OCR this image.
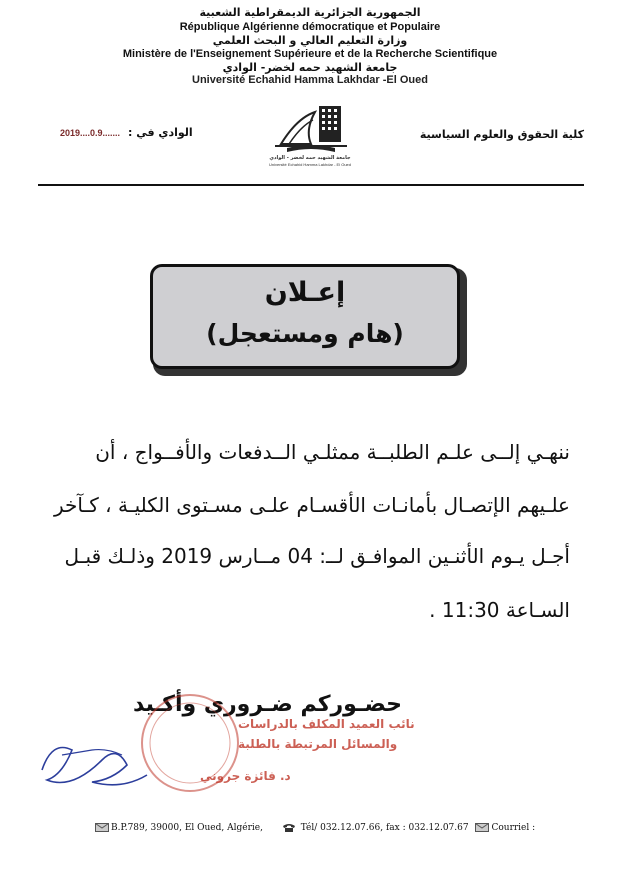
الجمهورية الجزائرية الديمقراطية الشعبية
République Algérienne démocratique et Populaire
وزارة التعليم العالي و البحث العلمي
Ministère de l'Enseignement Supérieure et de la Recherche Scientifique
جامعة الشهيد حمه لخضر- الوادي
Université Echahid Hamma Lakhdar -El Oued
كلية الحقوق والعلوم السياسية
الوادي في :
2019....0.9.......
جامعة الشهيد حمه لخضر - الوادي
Université Echahid Hamma Lakhdar - El Oued
إعـلان
(هام ومستعجل)
ننهـي إلــى علـم الطلبــة ممثلـي الــدفعات والأفــواج ، أن
علـيهم الإتصـال بأمانـات الأقسـام علـى مسـتوى الكليـة ، كـآخر
أجـل يـوم الأثنـين الموافـق لــ: 04 مــارس 2019 وذلـك قبـل
السـاعة 11:30 .
حضـوركم ضـروري وأكـيد
نائب العميد المكلف بالدراسات
والمسائل المرتبطة بالطلبة
د. فائزة جروني
B.P.789, 39000, El Oued, Algérie,	Tél/ 032.12.07.66, fax : 032.12.07.67	Courriel :
